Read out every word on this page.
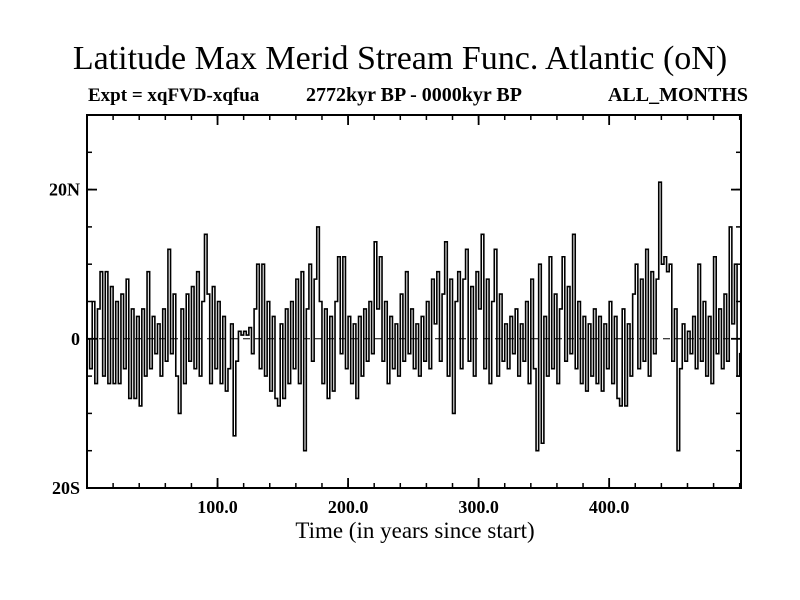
Latitude Max Merid Stream Func. Atlantic (oN)
Expt = xqFVD-xqfua	2772kyr BP - 0000kyr BP	ALL_MONTHS
100.0	200.0	300.0	400.0
20N
0
20S
Time (in years since start)
